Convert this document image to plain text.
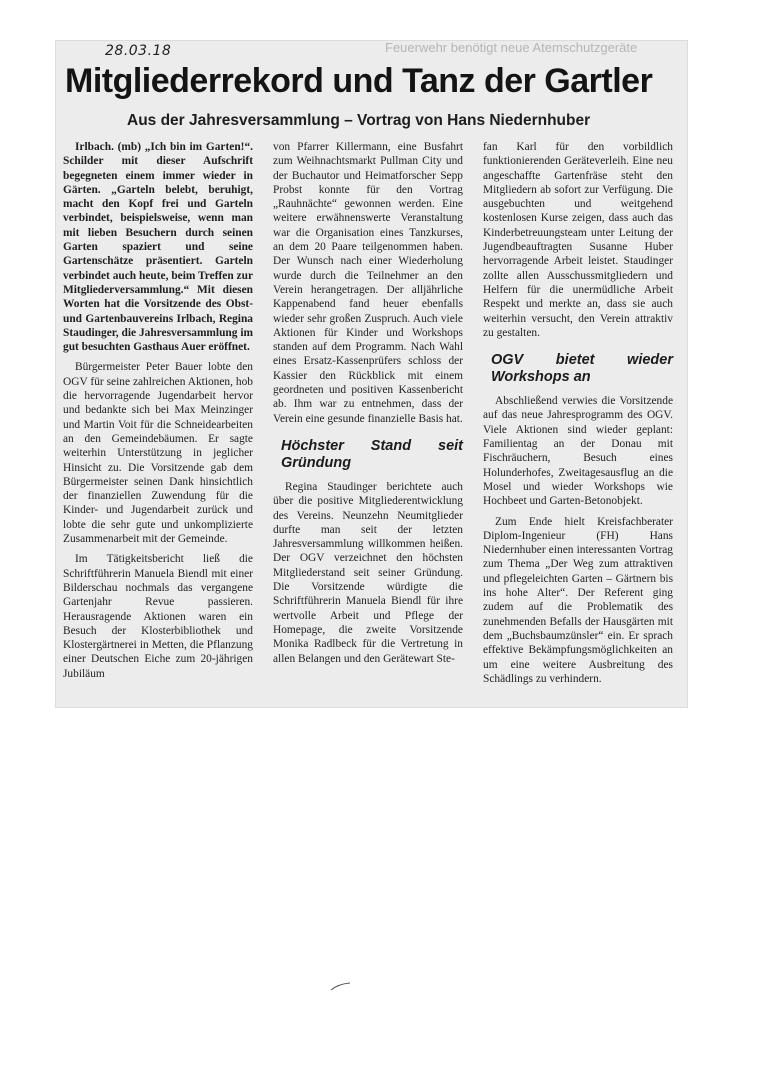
Feuerwehr benötigt neue Atemschutzgeräte
28.03.18
Mitgliederrekord und Tanz der Gartler
Aus der Jahresversammlung – Vortrag von Hans Niedernhuber

Irlbach. (mb) „Ich bin im Garten!“. Schilder mit dieser Aufschrift begegneten einem immer wieder in Gärten. „Garteln belebt, beruhigt, macht den Kopf frei und Garteln verbindet, beispielsweise, wenn man mit lieben Besuchern durch seinen Garten spaziert und seine Gartenschätze präsentiert. Garteln verbindet auch heute, beim Treffen zur Mitgliederversammlung.“ Mit diesen Worten hat die Vorsitzende des Obst- und Gartenbauvereins Irlbach, Regina Staudinger, die Jahresversammlung im gut besuchten Gasthaus Auer eröffnet.

Bürgermeister Peter Bauer lobte den OGV für seine zahlreichen Aktionen, hob die hervorragende Jugendarbeit hervor und bedankte sich bei Max Meinzinger und Martin Voit für die Schneidearbeiten an den Gemeindebäumen. Er sagte weiterhin Unterstützung in jeglicher Hinsicht zu. Die Vorsitzende gab dem Bürgermeister seinen Dank hinsichtlich der finanziellen Zuwendung für die Kinder- und Jugendarbeit zurück und lobte die sehr gute und unkomplizierte Zusammenarbeit mit der Gemeinde.

Im Tätigkeitsbericht ließ die Schriftführerin Manuela Biendl mit einer Bilderschau nochmals das vergangene Gartenjahr Revue passieren. Herausragende Aktionen waren ein Besuch der Klosterbibliothek und Klostergärtnerei in Metten, die Pflanzung einer Deutschen Eiche zum 20-jährigen Jubiläum

von Pfarrer Killermann, eine Busfahrt zum Weihnachtsmarkt Pullman City und der Buchautor und Heimatforscher Sepp Probst konnte für den Vortrag „Rauhnächte“ gewonnen werden. Eine weitere erwähnenswerte Veranstaltung war die Organisation eines Tanzkurses, an dem 20 Paare teilgenommen haben. Der Wunsch nach einer Wiederholung wurde durch die Teilnehmer an den Verein herangetragen. Der alljährliche Kappenabend fand heuer ebenfalls wieder sehr großen Zuspruch. Auch viele Aktionen für Kinder und Workshops standen auf dem Programm. Nach Wahl eines Ersatz-Kassenprüfers schloss der Kassier den Rückblick mit einem geordneten und positiven Kassenbericht ab. Ihm war zu entnehmen, dass der Verein eine gesunde finanzielle Basis hat.

Höchster Stand seit Gründung

Regina Staudinger berichtete auch über die positive Mitgliederentwicklung des Vereins. Neunzehn Neumitglieder durfte man seit der letzten Jahresversammlung willkommen heißen. Der OGV verzeichnet den höchsten Mitgliederstand seit seiner Gründung. Die Vorsitzende würdigte die Schriftführerin Manuela Biendl für ihre wertvolle Arbeit und Pflege der Homepage, die zweite Vorsitzende Monika Radlbeck für die Vertretung in allen Belangen und den Gerätewart Ste-

fan Karl für den vorbildlich funktionierenden Geräteverleih. Eine neu angeschaffte Gartenfräse steht den Mitgliedern ab sofort zur Verfügung. Die ausgebuchten und weitgehend kostenlosen Kurse zeigen, dass auch das Kinderbetreuungsteam unter Leitung der Jugendbeauftragten Susanne Huber hervorragende Arbeit leistet. Staudinger zollte allen Ausschussmitgliedern und Helfern für die unermüdliche Arbeit Respekt und merkte an, dass sie auch weiterhin versucht, den Verein attraktiv zu gestalten.

OGV bietet wieder Workshops an

Abschließend verwies die Vorsitzende auf das neue Jahresprogramm des OGV. Viele Aktionen sind wieder geplant: Familientag an der Donau mit Fischräuchern, Besuch eines Holunderhofes, Zweitagesausflug an die Mosel und wieder Workshops wie Hochbeet und Garten-Betonobjekt.

Zum Ende hielt Kreisfachberater Diplom-Ingenieur (FH) Hans Niedernhuber einen interessanten Vortrag zum Thema „Der Weg zum attraktiven und pflegeleichten Garten – Gärtnern bis ins hohe Alter“. Der Referent ging zudem auf die Problematik des zunehmenden Befalls der Hausgärten mit dem „Buchsbaumzünsler“ ein. Er sprach effektive Bekämpfungsmöglichkeiten an um eine weitere Ausbreitung des Schädlings zu verhindern.
